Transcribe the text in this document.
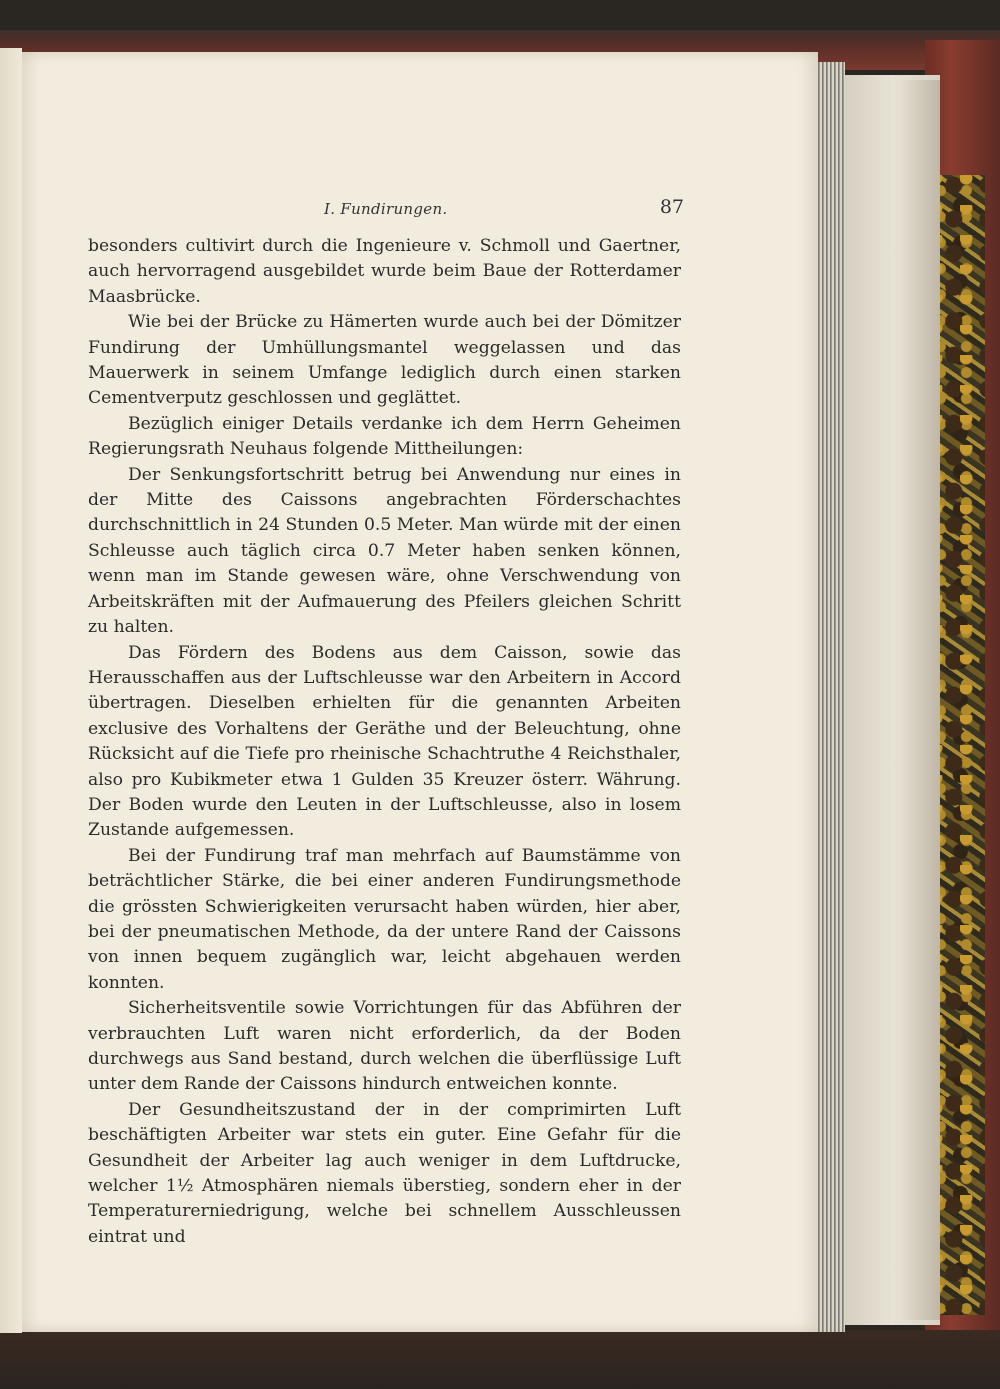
I. Fundirungen.	87

besonders cultivirt durch die Ingenieure v. Schmoll und Gaertner, auch hervorragend ausgebildet wurde beim Baue der Rotterdamer Maasbrücke.

Wie bei der Brücke zu Hämerten wurde auch bei der Dömitzer Fundirung der Umhüllungsmantel weggelassen und das Mauerwerk in seinem Umfange lediglich durch einen starken Cementverputz geschlossen und geglättet.

Bezüglich einiger Details verdanke ich dem Herrn Geheimen Regierungsrath Neuhaus folgende Mittheilungen:

Der Senkungsfortschritt betrug bei Anwendung nur eines in der Mitte des Caissons angebrachten Förderschachtes durchschnittlich in 24 Stunden 0.5 Meter. Man würde mit der einen Schleusse auch täglich circa 0.7 Meter haben senken können, wenn man im Stande gewesen wäre, ohne Verschwendung von Arbeitskräften mit der Aufmauerung des Pfeilers gleichen Schritt zu halten.

Das Fördern des Bodens aus dem Caisson, sowie das Herausschaffen aus der Luftschleusse war den Arbeitern in Accord übertragen. Dieselben erhielten für die genannten Arbeiten exclusive des Vorhaltens der Geräthe und der Beleuchtung, ohne Rücksicht auf die Tiefe pro rheinische Schachtruthe 4 Reichsthaler, also pro Kubikmeter etwa 1 Gulden 35 Kreuzer österr. Währung. Der Boden wurde den Leuten in der Luftschleusse, also in losem Zustande aufgemessen.

Bei der Fundirung traf man mehrfach auf Baumstämme von beträchtlicher Stärke, die bei einer anderen Fundirungsmethode die grössten Schwierigkeiten verursacht haben würden, hier aber, bei der pneumatischen Methode, da der untere Rand der Caissons von innen bequem zugänglich war, leicht abgehauen werden konnten.

Sicherheitsventile sowie Vorrichtungen für das Abführen der verbrauchten Luft waren nicht erforderlich, da der Boden durchwegs aus Sand bestand, durch welchen die überflüssige Luft unter dem Rande der Caissons hindurch entweichen konnte.

Der Gesundheitszustand der in der comprimirten Luft beschäftigten Arbeiter war stets ein guter. Eine Gefahr für die Gesundheit der Arbeiter lag auch weniger in dem Luftdrucke, welcher 1½ Atmosphären niemals überstieg, sondern eher in der Temperaturerniedrigung, welche bei schnellem Ausschleussen eintrat und
